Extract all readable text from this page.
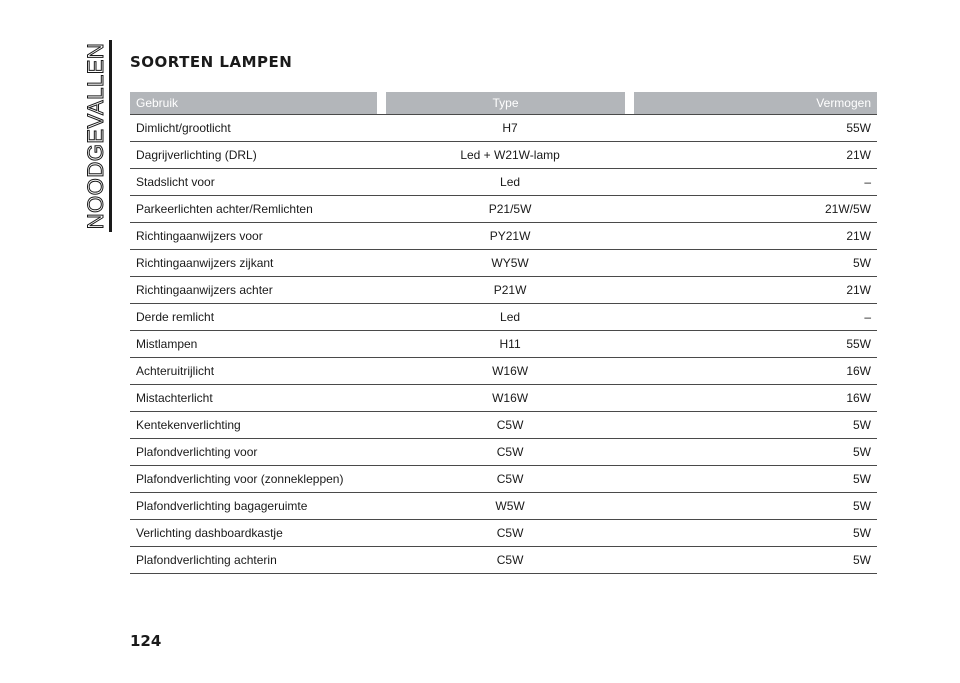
NOODGEVALLEN SOORTEN LAMPEN
Gebruik		Type		Vermogen
Dimlicht/grootlicht		H7		55W
Dagrijverlichting (DRL)		Led + W21W-lamp		21W
Stadslicht voor		Led		–
Parkeerlichten achter/Remlichten		P21/5W		21W/5W
Richtingaanwijzers voor		PY21W		21W
Richtingaanwijzers zijkant		WY5W		5W
Richtingaanwijzers achter		P21W		21W
Derde remlicht		Led		–
Mistlampen		H11		55W
Achteruitrijlicht		W16W		16W
Mistachterlicht		W16W		16W
Kentekenverlichting		C5W		5W
Plafondverlichting voor		C5W		5W
Plafondverlichting voor (zonnekleppen)		C5W		5W
Plafondverlichting bagageruimte		W5W		5W
Verlichting dashboardkastje		C5W		5W
Plafondverlichting achterin		C5W		5W
124
